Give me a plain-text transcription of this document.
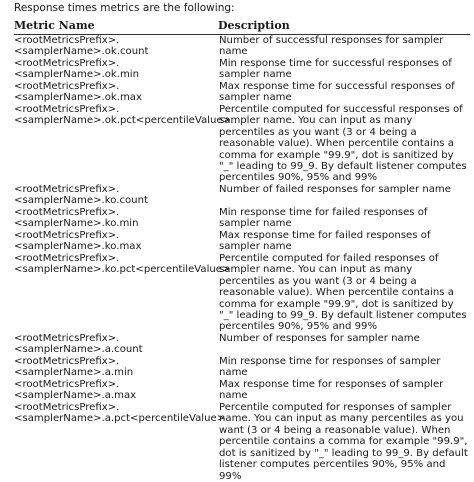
Response times metrics are the following:
Metric Name	Description
<rootMetricsPrefix>.
<samplerName>.ok.count	Number of successful responses for sampler name
<rootMetricsPrefix>.
<samplerName>.ok.min	Min response time for successful responses of sampler name
<rootMetricsPrefix>.
<samplerName>.ok.max	Max response time for successful responses of sampler name
<rootMetricsPrefix>.
<samplerName>.ok.pct<percentileValue>	Percentile computed for successful responses of sampler name. You can input as many percentiles as you want (3 or 4 being a reasonable value). When percentile contains a comma for example "99.9", dot is sanitized by "_" leading to 99_9. By default listener computes percentiles 90%, 95% and 99%
<rootMetricsPrefix>.
<samplerName>.ko.count	Number of failed responses for sampler name
<rootMetricsPrefix>.
<samplerName>.ko.min	Min response time for failed responses of sampler name
<rootMetricsPrefix>.
<samplerName>.ko.max	Max response time for failed responses of sampler name
<rootMetricsPrefix>.
<samplerName>.ko.pct<percentileValue>	Percentile computed for failed responses of sampler name. You can input as many percentiles as you want (3 or 4 being a reasonable value). When percentile contains a comma for example "99.9", dot is sanitized by "_" leading to 99_9. By default listener computes percentiles 90%, 95% and 99%
<rootMetricsPrefix>.
<samplerName>.a.count	Number of responses for sampler name
<rootMetricsPrefix>.
<samplerName>.a.min	Min response time for responses of sampler name
<rootMetricsPrefix>.
<samplerName>.a.max	Max response time for responses of sampler name
<rootMetricsPrefix>.
<samplerName>.a.pct<percentileValue>	Percentile computed for responses of sampler name. You can input as many percentiles as you want (3 or 4 being a reasonable value). When percentile contains a comma for example "99.9", dot is sanitized by "_" leading to 99_9. By default listener computes percentiles 90%, 95% and 99%
